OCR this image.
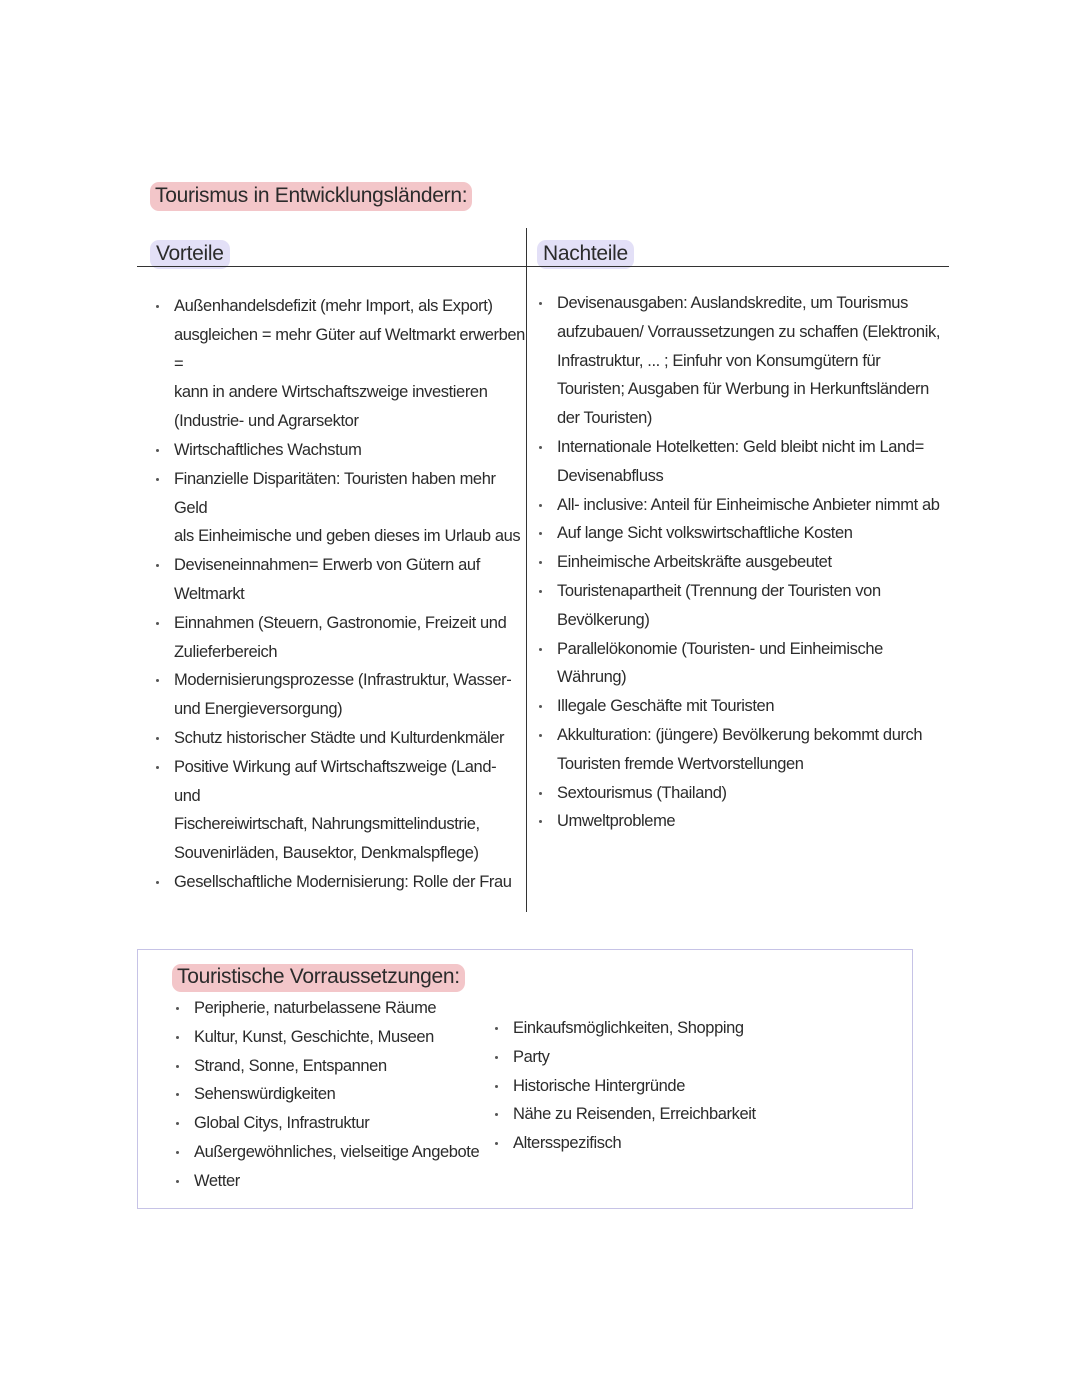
Tourismus in Entwicklungsländern:
Vorteile	Nachteile
Außenhandelsdefizit (mehr Import, als Export)
ausgleichen = mehr Güter auf Weltmarkt erwerben =
kann in andere Wirtschaftszweige investieren
(Industrie- und Agrarsektor
Wirtschaftliches Wachstum
Finanzielle Disparitäten: Touristen haben mehr Geld
als Einheimische und geben dieses im Urlaub aus
Deviseneinnahmen= Erwerb von Gütern auf
Weltmarkt
Einnahmen (Steuern, Gastronomie, Freizeit und
Zulieferbereich
Modernisierungsprozesse (Infrastruktur, Wasser-
und Energieversorgung)
Schutz historischer Städte und Kulturdenkmäler
Positive Wirkung auf Wirtschaftszweige (Land- und
Fischereiwirtschaft, Nahrungsmittelindustrie,
Souvenirläden, Bausektor, Denkmalspflege)
Gesellschaftliche Modernisierung: Rolle der Frau
Devisenausgaben: Auslandskredite, um Tourismus
aufzubauen/ Vorraussetzungen zu schaffen (Elektronik,
Infrastruktur, ... ; Einfuhr von Konsumgütern für
Touristen; Ausgaben für Werbung in Herkunftsländern
der Touristen)
Internationale Hotelketten: Geld bleibt nicht im Land=
Devisenabfluss
All- inclusive: Anteil für Einheimische Anbieter nimmt ab
Auf lange Sicht volkswirtschaftliche Kosten
Einheimische Arbeitskräfte ausgebeutet
Touristenapartheit (Trennung der Touristen von
Bevölkerung)
Parallelökonomie (Touristen- und Einheimische Währung)
Illegale Geschäfte mit Touristen
Akkulturation: (jüngere) Bevölkerung bekommt durch
Touristen fremde Wertvorstellungen
Sextourismus (Thailand)
Umweltprobleme
Touristische Vorraussetzungen:
Peripherie, naturbelassene Räume
Kultur, Kunst, Geschichte, Museen
Strand, Sonne, Entspannen
Sehenswürdigkeiten
Global Citys, Infrastruktur
Außergewöhnliches, vielseitige Angebote
Wetter
Einkaufsmöglichkeiten, Shopping
Party
Historische Hintergründe
Nähe zu Reisenden, Erreichbarkeit
Altersspezifisch
